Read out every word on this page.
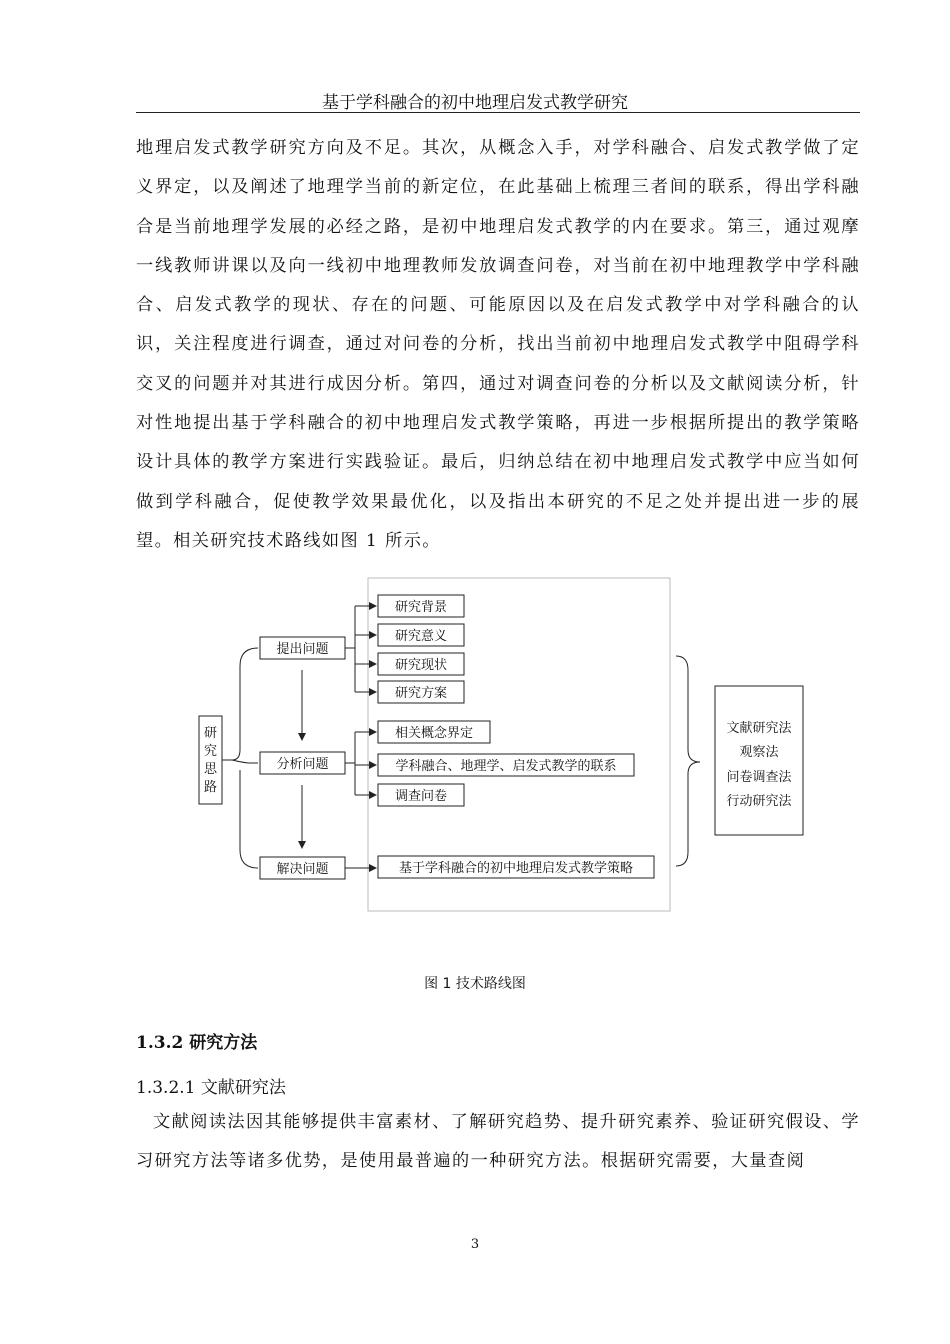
基于学科融合的初中地理启发式教学研究

地理启发式教学研究方向及不足。其次，从概念入手，对学科融合、启发式教学做了定义界定，以及阐述了地理学当前的新定位，在此基础上梳理三者间的联系，得出学科融合是当前地理学发展的必经之路，是初中地理启发式教学的内在要求。第三，通过观摩一线教师讲课以及向一线初中地理教师发放调查问卷，对当前在初中地理教学中学科融合、启发式教学的现状、存在的问题、可能原因以及在启发式教学中对学科融合的认识，关注程度进行调查，通过对问卷的分析，找出当前初中地理启发式教学中阻碍学科交叉的问题并对其进行成因分析。第四，通过对调查问卷的分析以及文献阅读分析，针对性地提出基于学科融合的初中地理启发式教学策略，再进一步根据所提出的教学策略设计具体的教学方案进行实践验证。最后，归纳总结在初中地理启发式教学中应当如何做到学科融合，促使教学效果最优化，以及指出本研究的不足之处并提出进一步的展望。相关研究技术路线如图 1 所示。

研
究
思
路
提出问题
分析问题
解决问题
研究背景
研究意义
研究现状
研究方案
相关概念界定
学科融合、地理学、启发式教学的联系
调查问卷
基于学科融合的初中地理启发式教学策略
文献研究法
观察法
问卷调查法
行动研究法
图 1 技术路线图
1.3.2 研究方法
1.3.2.1 文献研究法

文献阅读法因其能够提供丰富素材、了解研究趋势、提升研究素养、验证研究假设、学习研究方法等诸多优势，是使用最普遍的一种研究方法。根据研究需要，大量查阅

3
